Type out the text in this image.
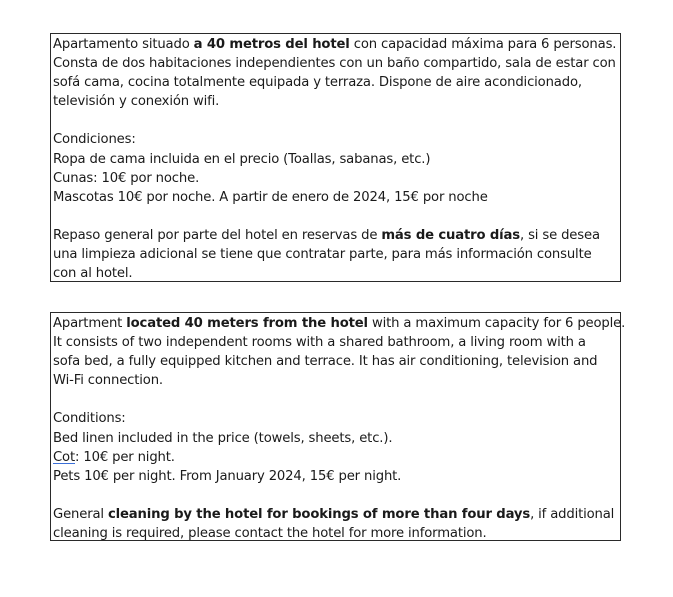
Apartamento situado a 40 metros del hotel con capacidad máxima para 6 personas.
Consta de dos habitaciones independientes con un baño compartido, sala de estar con
sofá cama, cocina totalmente equipada y terraza. Dispone de aire acondicionado,
televisión y conexión wifi.
Condiciones:
Ropa de cama incluida en el precio (Toallas, sabanas, etc.)
Cunas: 10€ por noche.
Mascotas 10€ por noche. A partir de enero de 2024, 15€ por noche
Repaso general por parte del hotel en reservas de más de cuatro días, si se desea
una limpieza adicional se tiene que contratar parte, para más información consulte
con al hotel.
Apartment located 40 meters from the hotel with a maximum capacity for 6 people.
It consists of two independent rooms with a shared bathroom, a living room with a
sofa bed, a fully equipped kitchen and terrace. It has air conditioning, television and
Wi-Fi connection.
Conditions:
Bed linen included in the price (towels, sheets, etc.).
Cot: 10€ per night.
Pets 10€ per night. From January 2024, 15€ per night.
General cleaning by the hotel for bookings of more than four days, if additional
cleaning is required, please contact the hotel for more information.
